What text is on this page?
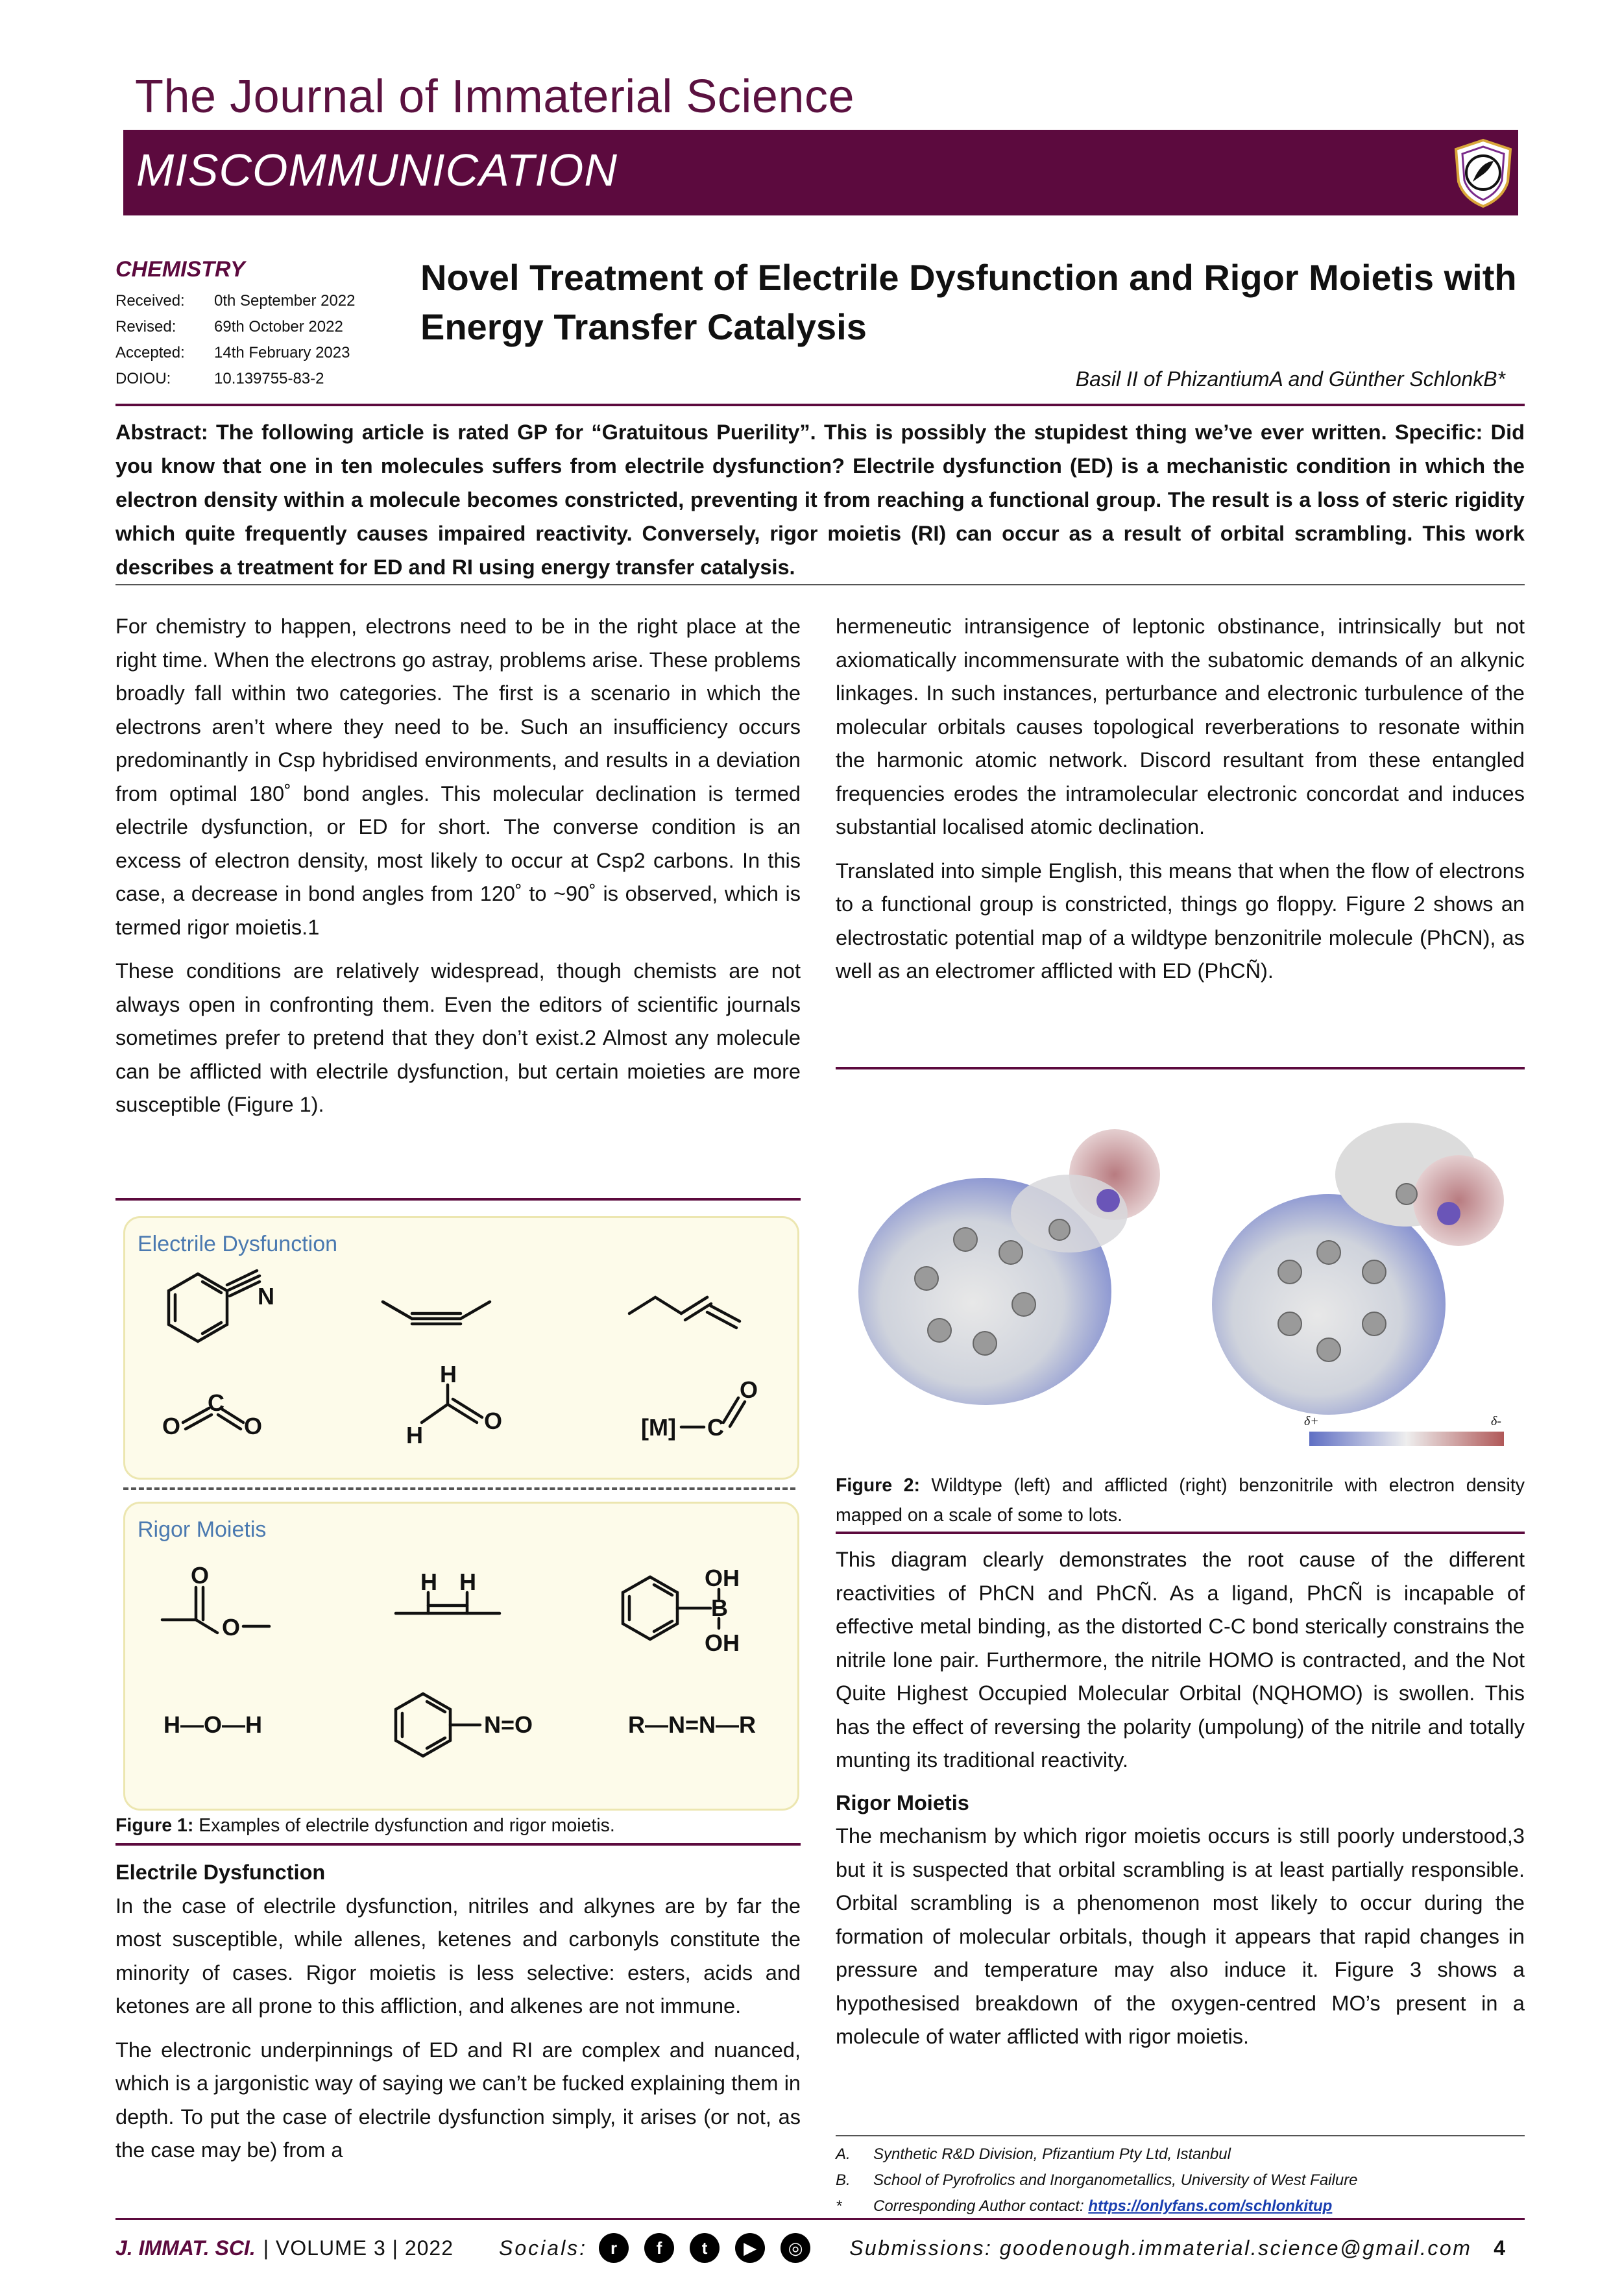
The Journal of Immaterial Science
MISCOMMUNICATION
CHEMISTRY
Received:	0th September 2022
Revised:	69th October 2022
Accepted:	14th February 2023
DOIOU:	10.139755-83-2
Novel Treatment of Electrile Dysfunction and Rigor Moietis with Energy Transfer Catalysis
Basil II of PhizantiumA and Günther SchlonkB*
Abstract: The following article is rated GP for “Gratuitous Puerility”. This is possibly the stupidest thing we’ve ever written. Specific: Did you know that one in ten molecules suffers from electrile dysfunction? Electrile dysfunction (ED) is a mechanistic condition in which the electron density within a molecule becomes constricted, preventing it from reaching a functional group. The result is a loss of steric rigidity which quite frequently causes impaired reactivity. Conversely, rigor moietis (RI) can occur as a result of orbital scrambling. This work describes a treatment for ED and RI using energy transfer catalysis.

For chemistry to happen, electrons need to be in the right place at the right time. When the electrons go astray, problems arise. These problems broadly fall within two categories. The first is a scenario in which the electrons aren’t where they need to be. Such an insufficiency occurs predominantly in Csp hybridised environments, and results in a deviation from optimal 180˚ bond angles. This molecular declination is termed electrile dysfunction, or ED for short. The converse condition is an excess of electron density, most likely to occur at Csp2 carbons. In this case, a decrease in bond angles from 120˚ to ~90˚ is observed, which is termed rigor moietis.1

These conditions are relatively widespread, though chemists are not always open in confronting them. Even the editors of scientific journals sometimes prefer to pretend that they don’t exist.2 Almost any molecule can be afflicted with electrile dysfunction, but certain moieties are more susceptible (Figure 1).

Electrile Dysfunction
Rigor Moietis
N
O
C
O
H
H
O	[M] C
O
O
O
H H	OH
B
OH
H—O—H	N=O	R—N=N—R
Figure 1: Examples of electrile dysfunction and rigor moietis.
Electrile Dysfunction

In the case of electrile dysfunction, nitriles and alkynes are by far the most susceptible, while allenes, ketenes and carbonyls constitute the minority of cases. Rigor moietis is less selective: esters, acids and ketones are all prone to this affliction, and alkenes are not immune.

The electronic underpinnings of ED and RI are complex and nuanced, which is a jargonistic way of saying we can’t be fucked explaining them in depth. To put the case of electrile dysfunction simply, it arises (or not, as the case may be) from a

hermeneutic intransigence of leptonic obstinance, intrinsically but not axiomatically incommensurate with the subatomic demands of an alkynic linkages. In such instances, perturbance and electronic turbulence of the molecular orbitals causes topological reverberations to resonate within the harmonic atomic network. Discord resultant from these entangled frequencies erodes the intramolecular electronic concordat and induces substantial localised atomic declination.

Translated into simple English, this means that when the flow of electrons to a functional group is constricted, things go floppy. Figure 2 shows an electrostatic potential map of a wildtype benzonitrile molecule (PhCN), as well as an electromer afflicted with ED (PhCÑ).

δ+	δ-
Figure 2: Wildtype (left) and afflicted (right) benzonitrile with electron density mapped on a scale of some to lots.

This diagram clearly demonstrates the root cause of the different reactivities of PhCN and PhCÑ. As a ligand, PhCÑ is incapable of effective metal binding, as the distorted C-C bond sterically constrains the nitrile lone pair. Furthermore, the nitrile HOMO is contracted, and the Not Quite Highest Occupied Molecular Orbital (NQHOMO) is swollen. This has the effect of reversing the polarity (umpolung) of the nitrile and totally munting its traditional reactivity.

Rigor Moietis

The mechanism by which rigor moietis occurs is still poorly understood,3 but it is suspected that orbital scrambling is at least partially responsible. Orbital scrambling is a phenomenon most likely to occur during the formation of molecular orbitals, though it appears that rapid changes in pressure and temperature may also induce it. Figure 3 shows a hypothesised breakdown of the oxygen-centred MO’s present in a molecule of water afflicted with rigor moietis.

A.	Synthetic R&D Division, Pfizantium Pty Ltd, Istanbul
B.	School of Pyrofrolics and Inorganometallics, University of West Failure
*	Corresponding Author contact: https://onlyfans.com/schlonkitup
J. IMMAT. SCI. | VOLUME 3 | 2022 Socials:	r	f	t	▶	◎	Submissions: goodenough.immaterial.science@gmail.com 4
